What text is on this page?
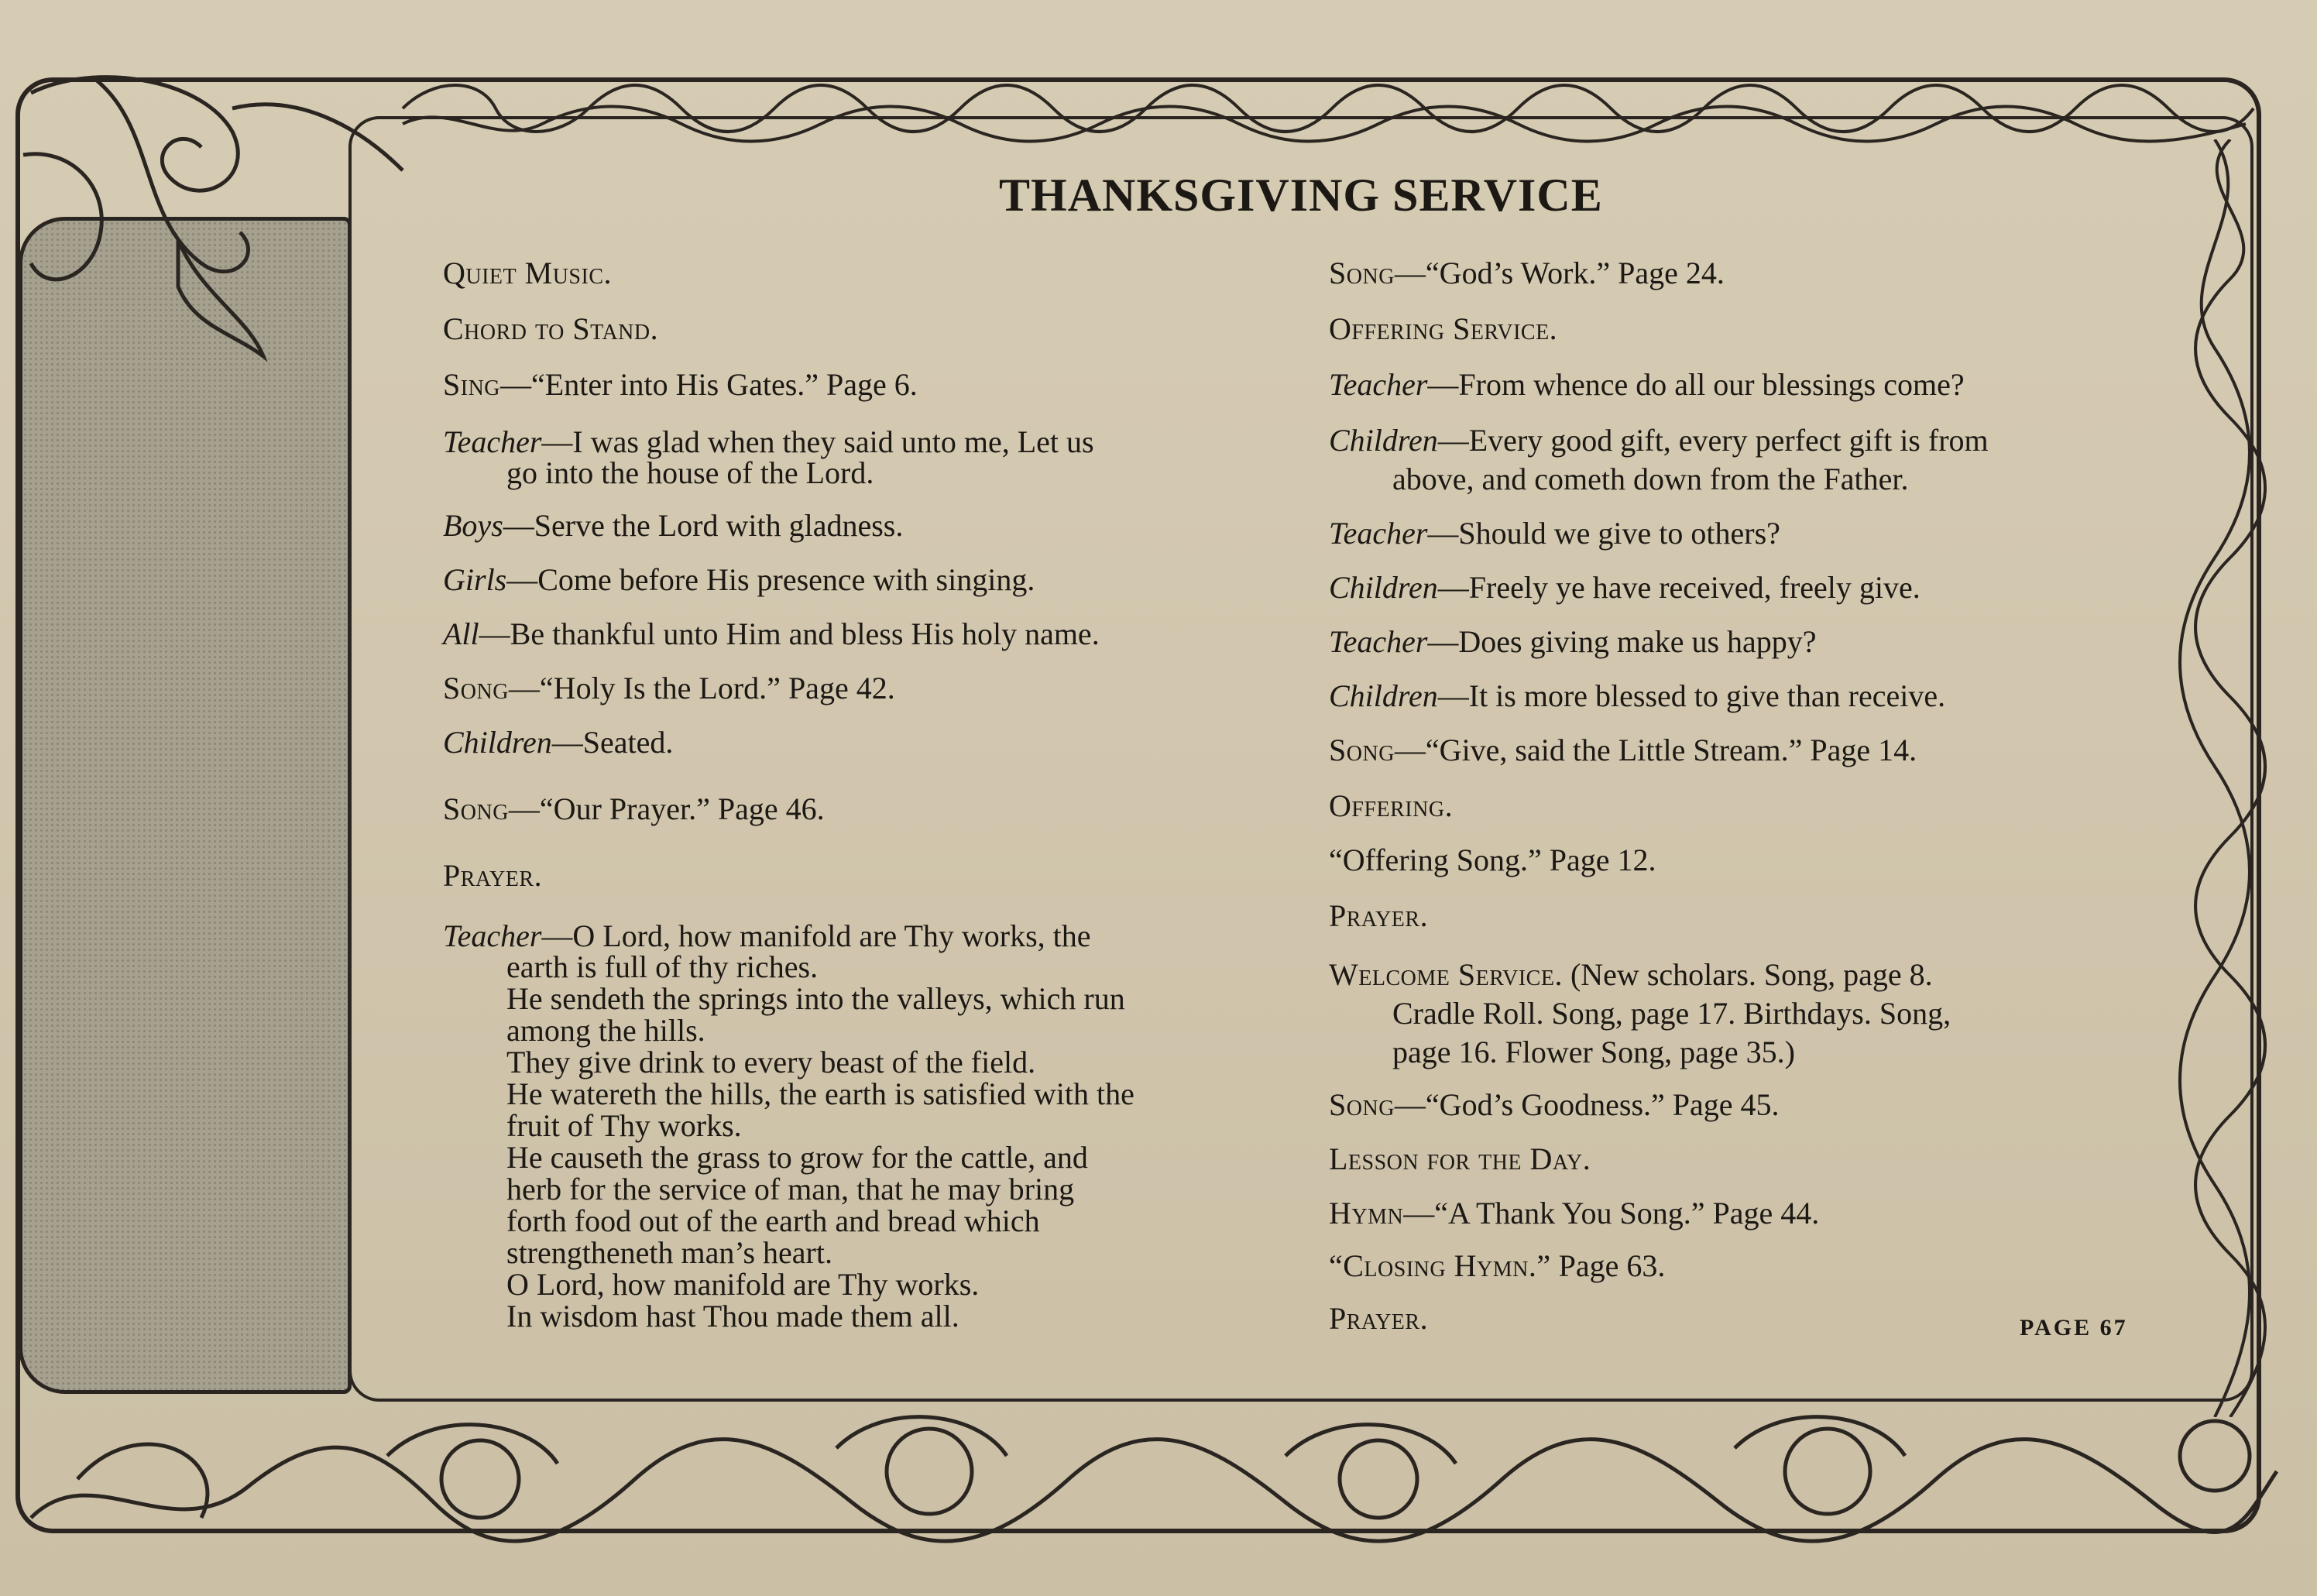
THANKSGIVING SERVICE
Quiet Music.
Chord to Stand.
Sing—“Enter into His Gates.” Page 6.
Teacher—I was glad when they said unto me, Let us
go into the house of the Lord.
Boys—Serve the Lord with gladness.
Girls—Come before His presence with singing.
All—Be thankful unto Him and bless His holy name.
Song—“Holy Is the Lord.” Page 42.
Children—Seated.
Song—“Our Prayer.” Page 46.
Prayer.
Teacher—O Lord, how manifold are Thy works, the
earth is full of thy riches.
He sendeth the springs into the valleys, which run
among the hills.
They give drink to every beast of the field.
He watereth the hills, the earth is satisfied with the
fruit of Thy works.
He causeth the grass to grow for the cattle, and
herb for the service of man, that he may bring
forth food out of the earth and bread which
strengtheneth man’s heart.
O Lord, how manifold are Thy works.
In wisdom hast Thou made them all.
Song—“God’s Work.” Page 24.
Offering Service.
Teacher—From whence do all our blessings come?
Children—Every good gift, every perfect gift is from
above, and cometh down from the Father.
Teacher—Should we give to others?
Children—Freely ye have received, freely give.
Teacher—Does giving make us happy?
Children—It is more blessed to give than receive.
Song—“Give, said the Little Stream.” Page 14.
Offering.
“Offering Song.” Page 12.
Prayer.
Welcome Service. (New scholars. Song, page 8.
Cradle Roll. Song, page 17. Birthdays. Song,
page 16. Flower Song, page 35.)
Song—“God’s Goodness.” Page 45.
Lesson for the Day.
Hymn—“A Thank You Song.” Page 44.
“Closing Hymn.” Page 63.
Prayer.	PAGE 67
